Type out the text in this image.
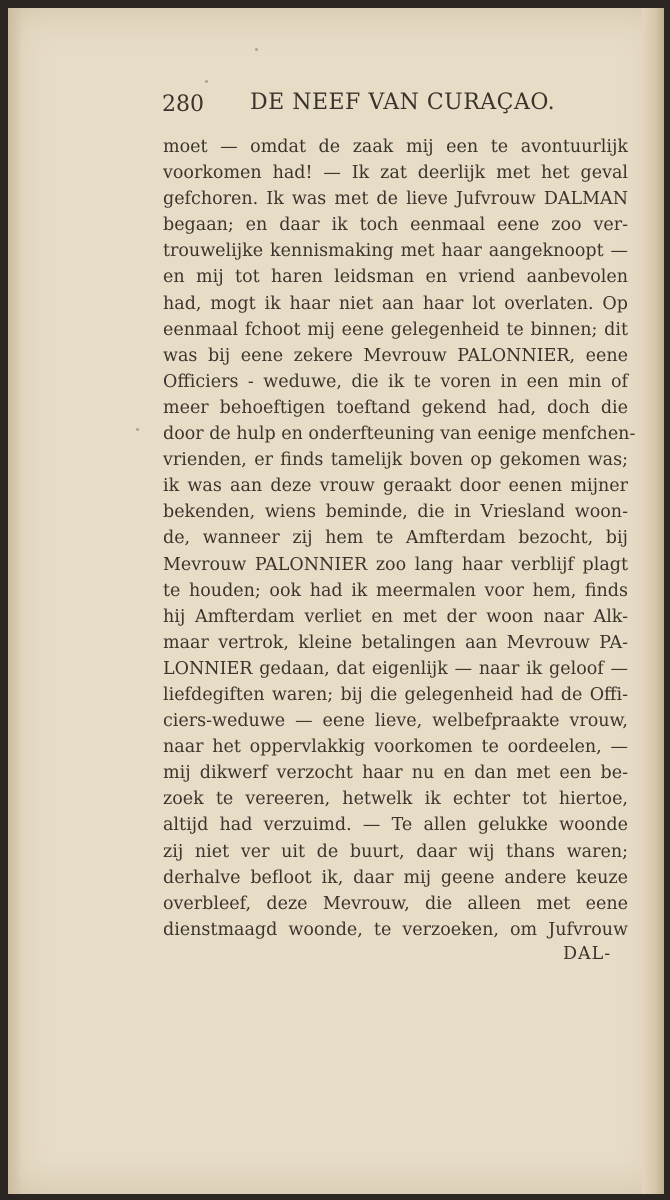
280 DE NEEF VAN CURAÇAO.
moet — omdat de zaak mij een te avontuurlijk
voorkomen had! — Ik zat deerlijk met het geval
gefchoren. Ik was met de lieve Jufvrouw DALMAN
begaan; en daar ik toch eenmaal eene zoo ver-
trouwelijke kennismaking met haar aangeknoopt —
en mij tot haren leidsman en vriend aanbevolen
had, mogt ik haar niet aan haar lot overlaten. Op
eenmaal fchoot mij eene gelegenheid te binnen; dit
was bij eene zekere Mevrouw PALONNIER, eene
Officiers - weduwe, die ik te voren in een min of
meer behoeftigen toeftand gekend had, doch die
door de hulp en onderfteuning van eenige menfchen-
vrienden, er finds tamelijk boven op gekomen was;
ik was aan deze vrouw geraakt door eenen mijner
bekenden, wiens beminde, die in Vriesland woon-
de, wanneer zij hem te Amfterdam bezocht, bij
Mevrouw PALONNIER zoo lang haar verblijf plagt
te houden; ook had ik meermalen voor hem, finds
hij Amfterdam verliet en met der woon naar Alk-
maar vertrok, kleine betalingen aan Mevrouw PA-
LONNIER gedaan, dat eigenlijk — naar ik geloof —
liefdegiften waren; bij die gelegenheid had de Offi-
ciers-weduwe — eene lieve, welbefpraakte vrouw,
naar het oppervlakkig voorkomen te oordeelen, —
mij dikwerf verzocht haar nu en dan met een be-
zoek te vereeren, hetwelk ik echter tot hiertoe,
altijd had verzuimd. — Te allen gelukke woonde
zij niet ver uit de buurt, daar wij thans waren;
derhalve befloot ik, daar mij geene andere keuze
overbleef, deze Mevrouw, die alleen met eene
dienstmaagd woonde, te verzoeken, om Jufvrouw
DAL-
